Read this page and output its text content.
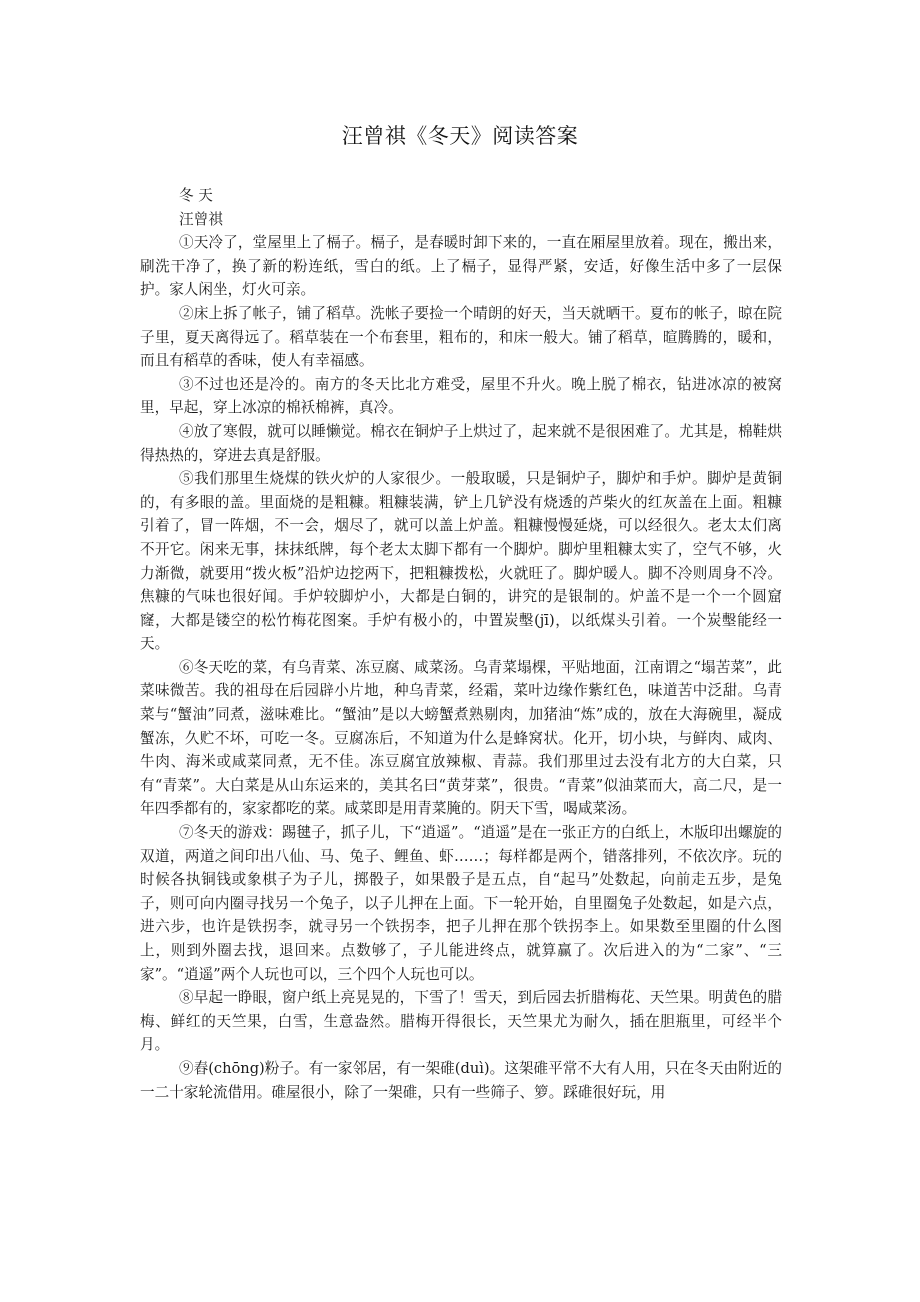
汪曾祺《冬天》阅读答案

冬 天

汪曾祺

①天冷了，堂屋里上了槅子。槅子，是春暖时卸下来的，一直在厢屋里放着。现在，搬出来，刷洗干净了，换了新的粉连纸，雪白的纸。上了槅子，显得严紧，安适，好像生活中多了一层保护。家人闲坐，灯火可亲。

②床上拆了帐子，铺了稻草。洗帐子要捡一个晴朗的好天，当天就晒干。夏布的帐子，晾在院子里，夏天离得远了。稻草装在一个布套里，粗布的，和床一般大。铺了稻草，暄腾腾的，暖和，而且有稻草的香味，使人有幸福感。

③不过也还是冷的。南方的冬天比北方难受，屋里不升火。晚上脱了棉衣，钻进冰凉的被窝里，早起，穿上冰凉的棉袄棉裤，真冷。

④放了寒假，就可以睡懒觉。棉衣在铜炉子上烘过了，起来就不是很困难了。尤其是，棉鞋烘得热热的，穿进去真是舒服。

⑤我们那里生烧煤的铁火炉的人家很少。一般取暖，只是铜炉子，脚炉和手炉。脚炉是黄铜的，有多眼的盖。里面烧的是粗糠。粗糠装满，铲上几铲没有烧透的芦柴火的红灰盖在上面。粗糠引着了，冒一阵烟，不一会，烟尽了，就可以盖上炉盖。粗糠慢慢延烧，可以经很久。老太太们离不开它。闲来无事，抹抹纸牌，每个老太太脚下都有一个脚炉。脚炉里粗糠太实了，空气不够，火力渐微，就要用“拨火板”沿炉边挖两下，把粗糠拨松，火就旺了。脚炉暖人。脚不冷则周身不冷。焦糠的气味也很好闻。手炉较脚炉小，大都是白铜的，讲究的是银制的。炉盖不是一个一个圆窟窿，大都是镂空的松竹梅花图案。手炉有极小的，中置炭墼(jī)，以纸煤头引着。一个炭墼能经一天。

⑥冬天吃的菜，有乌青菜、冻豆腐、咸菜汤。乌青菜塌棵，平贴地面，江南谓之“塌苦菜”，此菜味微苦。我的祖母在后园辟小片地，种乌青菜，经霜，菜叶边缘作紫红色，味道苦中泛甜。乌青菜与“蟹油”同煮，滋味难比。“蟹油”是以大螃蟹煮熟剔肉，加猪油“炼”成的，放在大海碗里，凝成蟹冻，久贮不坏，可吃一冬。豆腐冻后，不知道为什么是蜂窝状。化开，切小块，与鲜肉、咸肉、牛肉、海米或咸菜同煮，无不佳。冻豆腐宜放辣椒、青蒜。我们那里过去没有北方的大白菜，只有“青菜”。大白菜是从山东运来的，美其名曰“黄芽菜”，很贵。“青菜”似油菜而大，高二尺，是一年四季都有的，家家都吃的菜。咸菜即是用青菜腌的。阴天下雪，喝咸菜汤。

⑦冬天的游戏：踢毽子，抓子儿，下“逍遥”。“逍遥”是在一张正方的白纸上，木版印出螺旋的双道，两道之间印出八仙、马、兔子、鲤鱼、虾……；每样都是两个，错落排列，不依次序。玩的时候各执铜钱或象棋子为子儿，掷骰子，如果骰子是五点，自“起马”处数起，向前走五步，是兔子，则可向内圈寻找另一个兔子，以子儿押在上面。下一轮开始，自里圈兔子处数起，如是六点，进六步，也许是铁拐李，就寻另一个铁拐李，把子儿押在那个铁拐李上。如果数至里圈的什么图上，则到外圈去找，退回来。点数够了，子儿能进终点，就算赢了。次后进入的为“二家”、“三家”。“逍遥”两个人玩也可以，三个四个人玩也可以。

⑧早起一睁眼，窗户纸上亮晃晃的，下雪了！雪天，到后园去折腊梅花、天竺果。明黄色的腊梅、鲜红的天竺果，白雪，生意盎然。腊梅开得很长，天竺果尤为耐久，插在胆瓶里，可经半个月。

⑨舂(chōng)粉子。有一家邻居，有一架碓(duì)。这架碓平常不大有人用，只在冬天由附近的一二十家轮流借用。碓屋很小，除了一架碓，只有一些筛子、箩。踩碓很好玩，用
